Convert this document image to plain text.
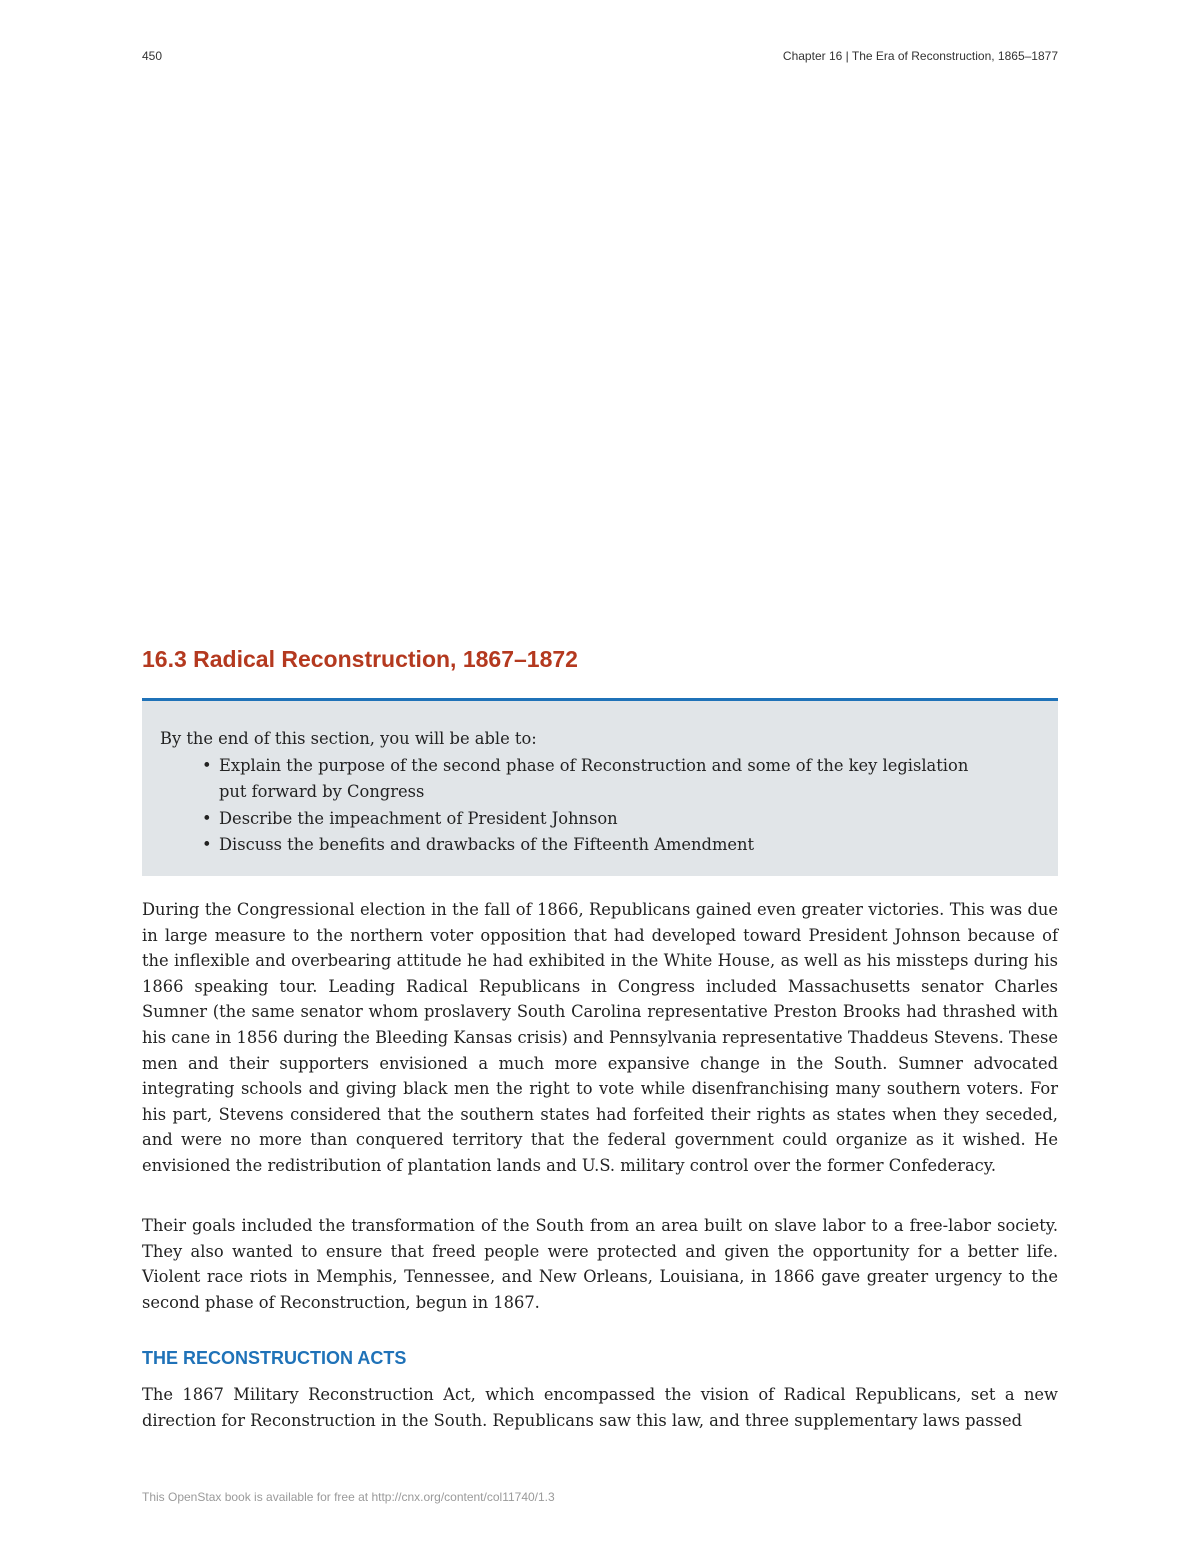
450	Chapter 16 | The Era of Reconstruction, 1865–1877
16.3 Radical Reconstruction, 1867–1872

By the end of this section, you will be able to:

• Explain the purpose of the second phase of Reconstruction and some of the key legislation put forward by Congress
• Describe the impeachment of President Johnson
• Discuss the benefits and drawbacks of the Fifteenth Amendment

During the Congressional election in the fall of 1866, Republicans gained even greater victories. This was due in large measure to the northern voter opposition that had developed toward President Johnson because of the inflexible and overbearing attitude he had exhibited in the White House, as well as his missteps during his 1866 speaking tour. Leading Radical Republicans in Congress included Massachusetts senator Charles Sumner (the same senator whom proslavery South Carolina representative Preston Brooks had thrashed with his cane in 1856 during the Bleeding Kansas crisis) and Pennsylvania representative Thaddeus Stevens. These men and their supporters envisioned a much more expansive change in the South. Sumner advocated integrating schools and giving black men the right to vote while disenfranchising many southern voters. For his part, Stevens considered that the southern states had forfeited their rights as states when they seceded, and were no more than conquered territory that the federal government could organize as it wished. He envisioned the redistribution of plantation lands and U.S. military control over the former Confederacy.

Their goals included the transformation of the South from an area built on slave labor to a free-labor society. They also wanted to ensure that freed people were protected and given the opportunity for a better life. Violent race riots in Memphis, Tennessee, and New Orleans, Louisiana, in 1866 gave greater urgency to the second phase of Reconstruction, begun in 1867.

THE RECONSTRUCTION ACTS

The 1867 Military Reconstruction Act, which encompassed the vision of Radical Republicans, set a new direction for Reconstruction in the South. Republicans saw this law, and three supplementary laws passed

This OpenStax book is available for free at http://cnx.org/content/col11740/1.3
